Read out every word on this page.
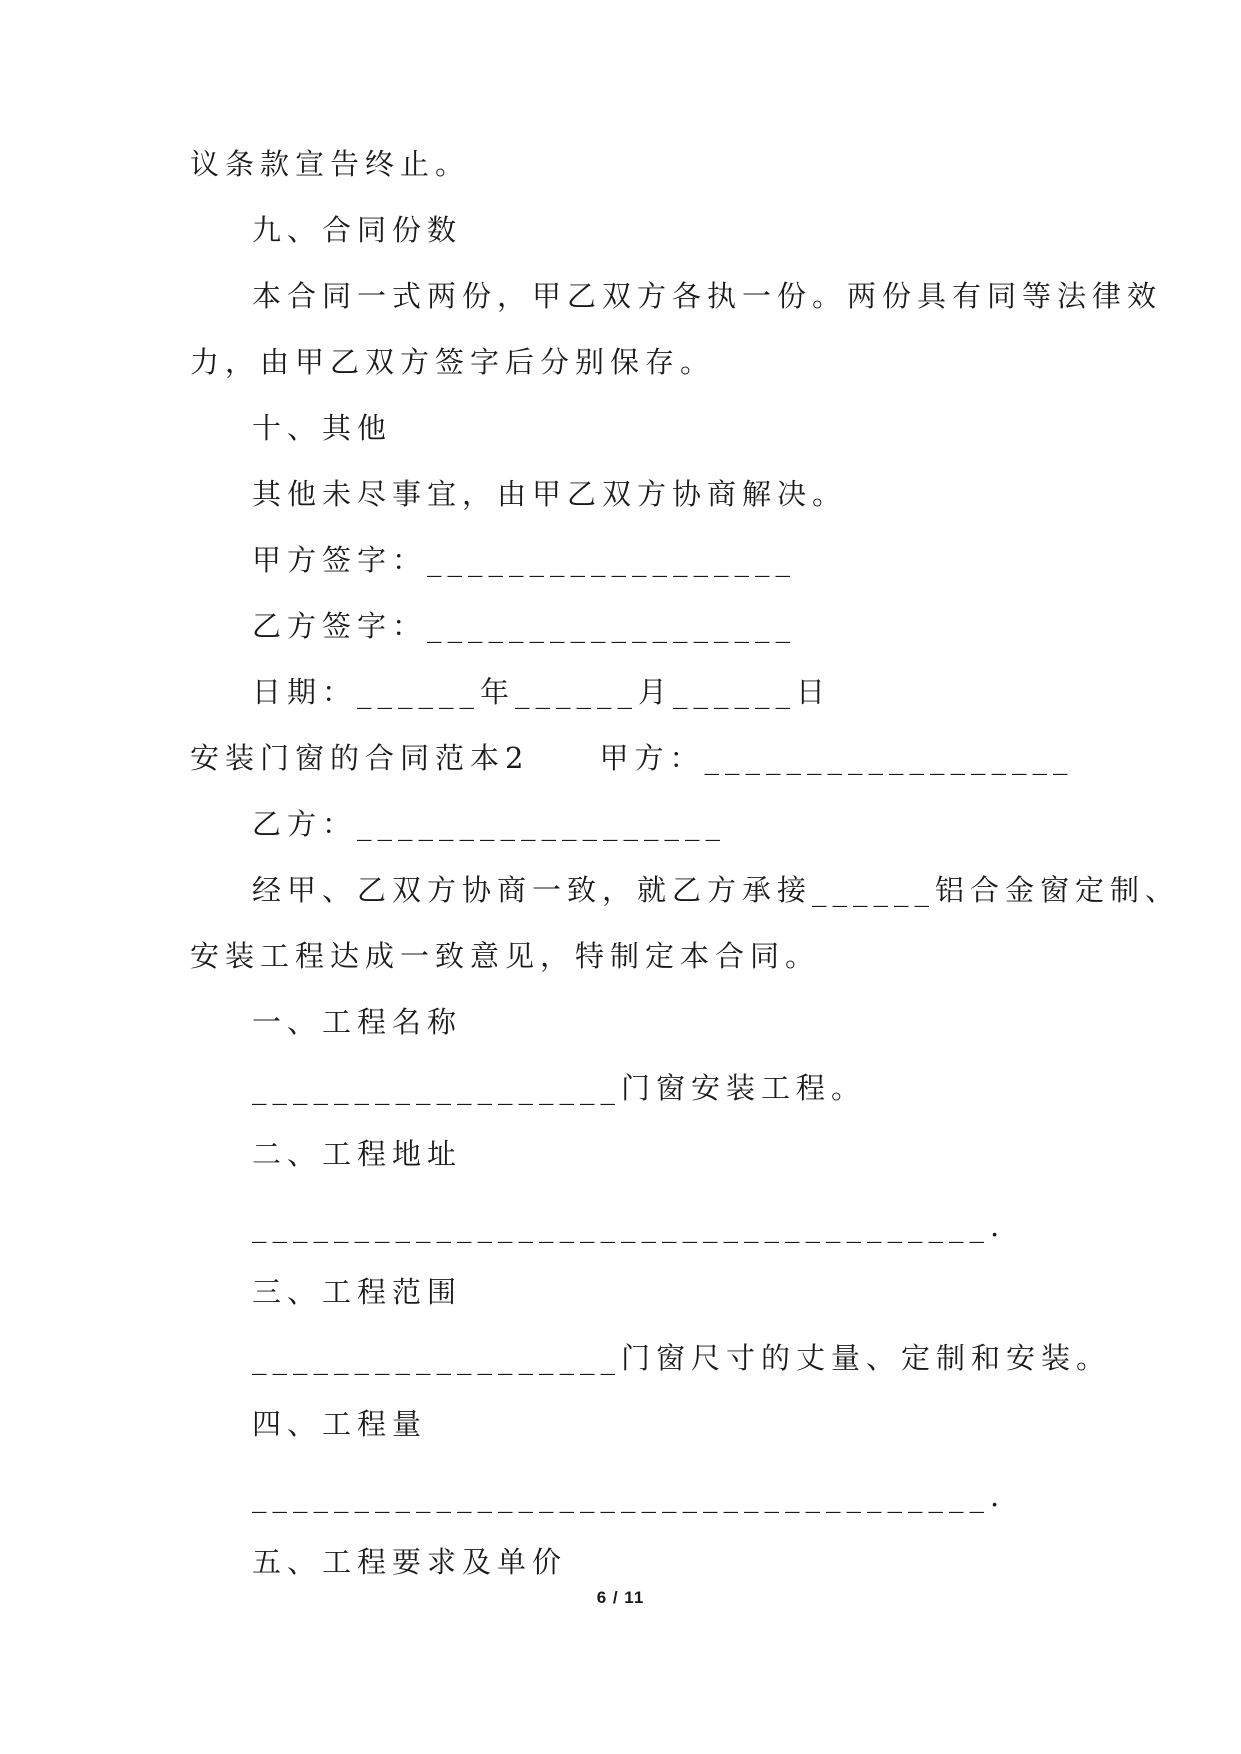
议条款宣告终止。
九、合同份数
本合同一式两份，甲乙双方各执一份。两份具有同等法律效
力，由甲乙双方签字后分别保存。
十、其他
其他未尽事宜，由甲乙双方协商解决。
甲方签字：__________________
乙方签字：__________________
日期：______年______月______日
安装门窗的合同范本2　　甲方：__________________
乙方：__________________
经甲、乙双方协商一致，就乙方承接______铝合金窗定制、
安装工程达成一致意见，特制定本合同。
一、工程名称
__________________门窗安装工程。
二、工程地址
____________________________________.
三、工程范围
__________________门窗尺寸的丈量、定制和安装。
四、工程量
____________________________________.
五、工程要求及单价
6 / 11
